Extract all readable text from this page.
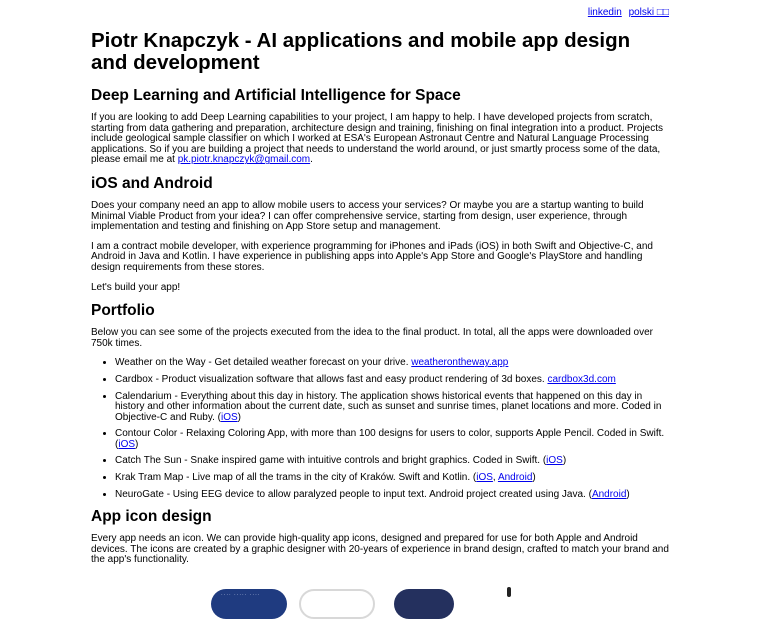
linkedin polski □□
Piotr Knapczyk - AI applications and mobile app design and development
Deep Learning and Artificial Intelligence for Space

If you are looking to add Deep Learning capabilities to your project, I am happy to help. I have developed projects from scratch, starting from data gathering and preparation, architecture design and training, finishing on final integration into a product. Projects include geological sample classifier on which I worked at ESA's European Astronaut Centre and Natural Language Processing applications. So if you are building a project that needs to understand the world around, or just smartly process some of the data, please email me at pk.piotr.knapczyk@gmail.com.

iOS and Android

Does your company need an app to allow mobile users to access your services? Or maybe you are a startup wanting to build Minimal Viable Product from your idea? I can offer comprehensive service, starting from design, user experience, through implementation and testing and finishing on App Store setup and management.

I am a contract mobile developer, with experience programming for iPhones and iPads (iOS) in both Swift and Objective-C, and Android in Java and Kotlin. I have experience in publishing apps into Apple's App Store and Google's PlayStore and handling design requirements from these stores.

Let's build your app!

Portfolio

Below you can see some of the projects executed from the idea to the final product. In total, all the apps were downloaded over 750k times.

• Weather on the Way - Get detailed weather forecast on your drive. weatherontheway.app
• Cardbox - Product visualization software that allows fast and easy product rendering of 3d boxes. cardbox3d.com
• Calendarium - Everything about this day in history. The application shows historical events that happened on this day in history and other information about the current date, such as sunset and sunrise times, planet locations and more. Coded in Objective-C and Ruby. (iOS)
• Contour Color - Relaxing Coloring App, with more than 100 designs for users to color, supports Apple Pencil. Coded in Swift. (iOS)
• Catch The Sun - Snake inspired game with intuitive controls and bright graphics. Coded in Swift. (iOS)
• Krak Tram Map - Live map of all the trams in the city of Kraków. Swift and Kotlin. (iOS, Android)
• NeuroGate - Using EEG device to allow paralyzed people to input text. Android project created using Java. (Android)
App icon design

Every app needs an icon. We can provide high-quality app icons, designed and prepared for use for both Apple and Android devices. The icons are created by a graphic designer with 20-years of experience in brand design, crafted to match your brand and the app's functionality.

···· ····· ····
